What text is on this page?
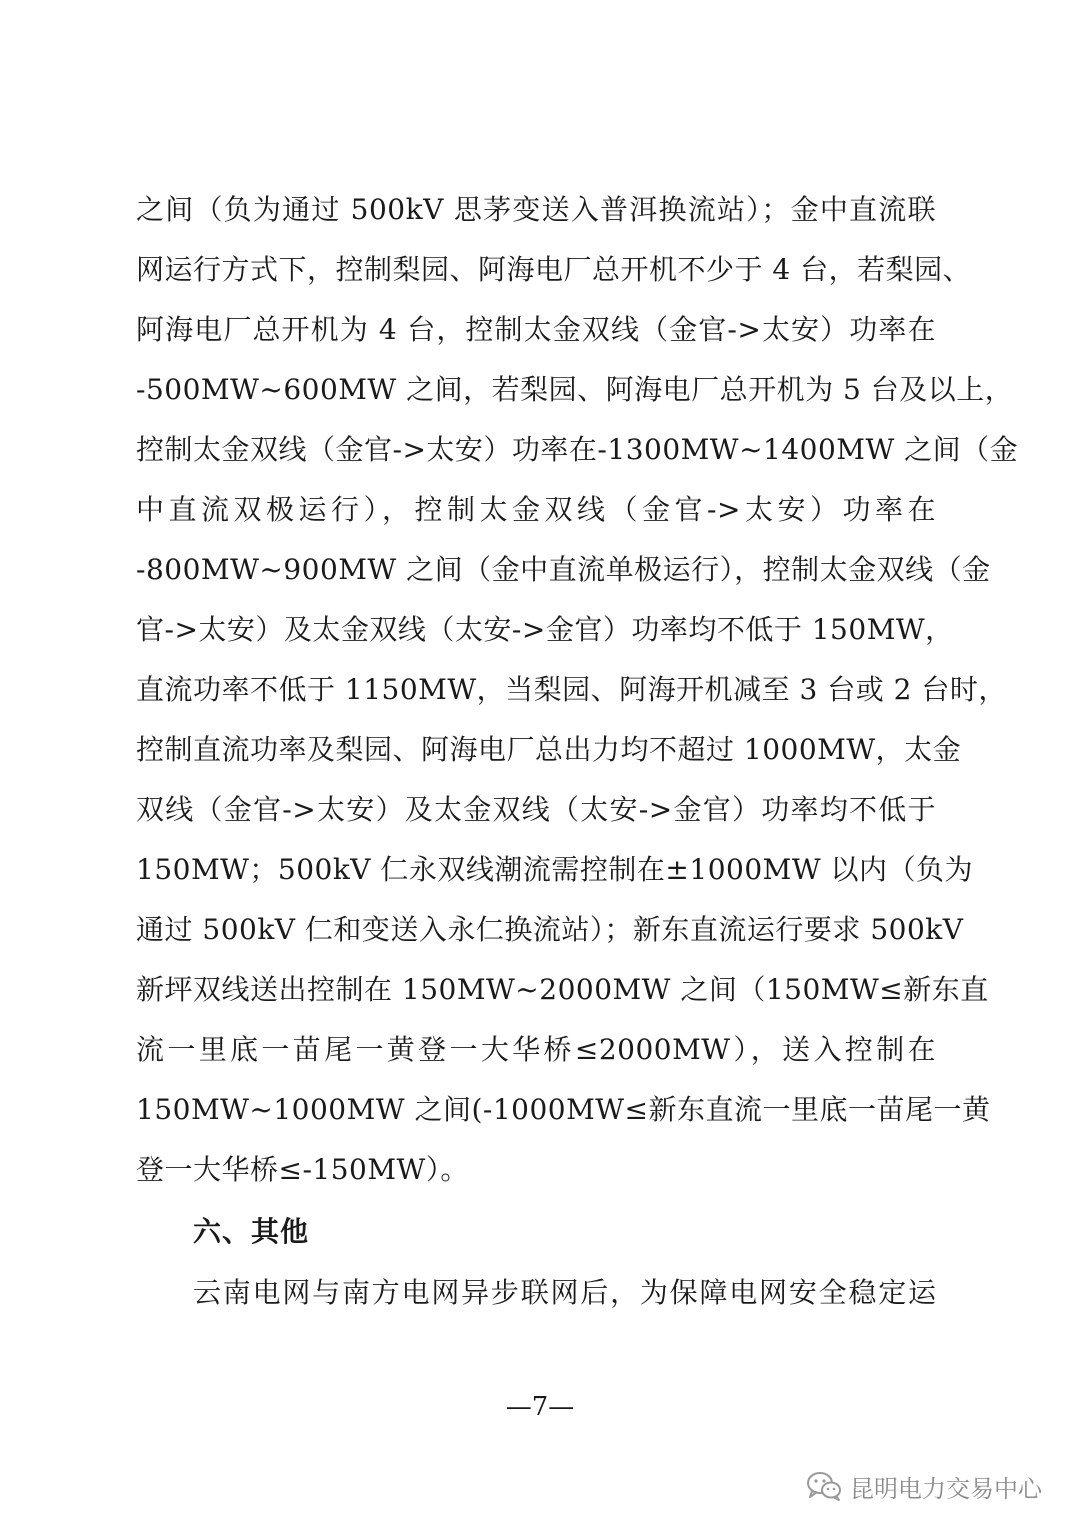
之间（负为通过 500kV 思茅变送入普洱换流站）；金中直流联
网运行方式下，控制梨园、阿海电厂总开机不少于 4 台，若梨园、
阿海电厂总开机为 4 台，控制太金双线（金官->太安）功率在
-500MW~600MW 之间，若梨园、阿海电厂总开机为 5 台及以上，
控制太金双线（金官->太安）功率在-1300MW~1400MW 之间（金
中直流双极运行），控制太金双线（金官->太安）功率在
-800MW~900MW 之间（金中直流单极运行），控制太金双线（金
官->太安）及太金双线（太安->金官）功率均不低于 150MW，
直流功率不低于 1150MW，当梨园、阿海开机减至 3 台或 2 台时，
控制直流功率及梨园、阿海电厂总出力均不超过 1000MW，太金
双线（金官->太安）及太金双线（太安->金官）功率均不低于
150MW；500kV 仁永双线潮流需控制在±1000MW 以内（负为
通过 500kV 仁和变送入永仁换流站）；新东直流运行要求 500kV
新坪双线送出控制在 150MW~2000MW 之间（150MW≤新东直
流一里底一苗尾一黄登一大华桥≤2000MW），送入控制在
150MW~1000MW 之间(-1000MW≤新东直流一里底一苗尾一黄
登一大华桥≤-150MW）。
六、其他
云南电网与南方电网异步联网后，为保障电网安全稳定运
—7—
昆明电力交易中心
